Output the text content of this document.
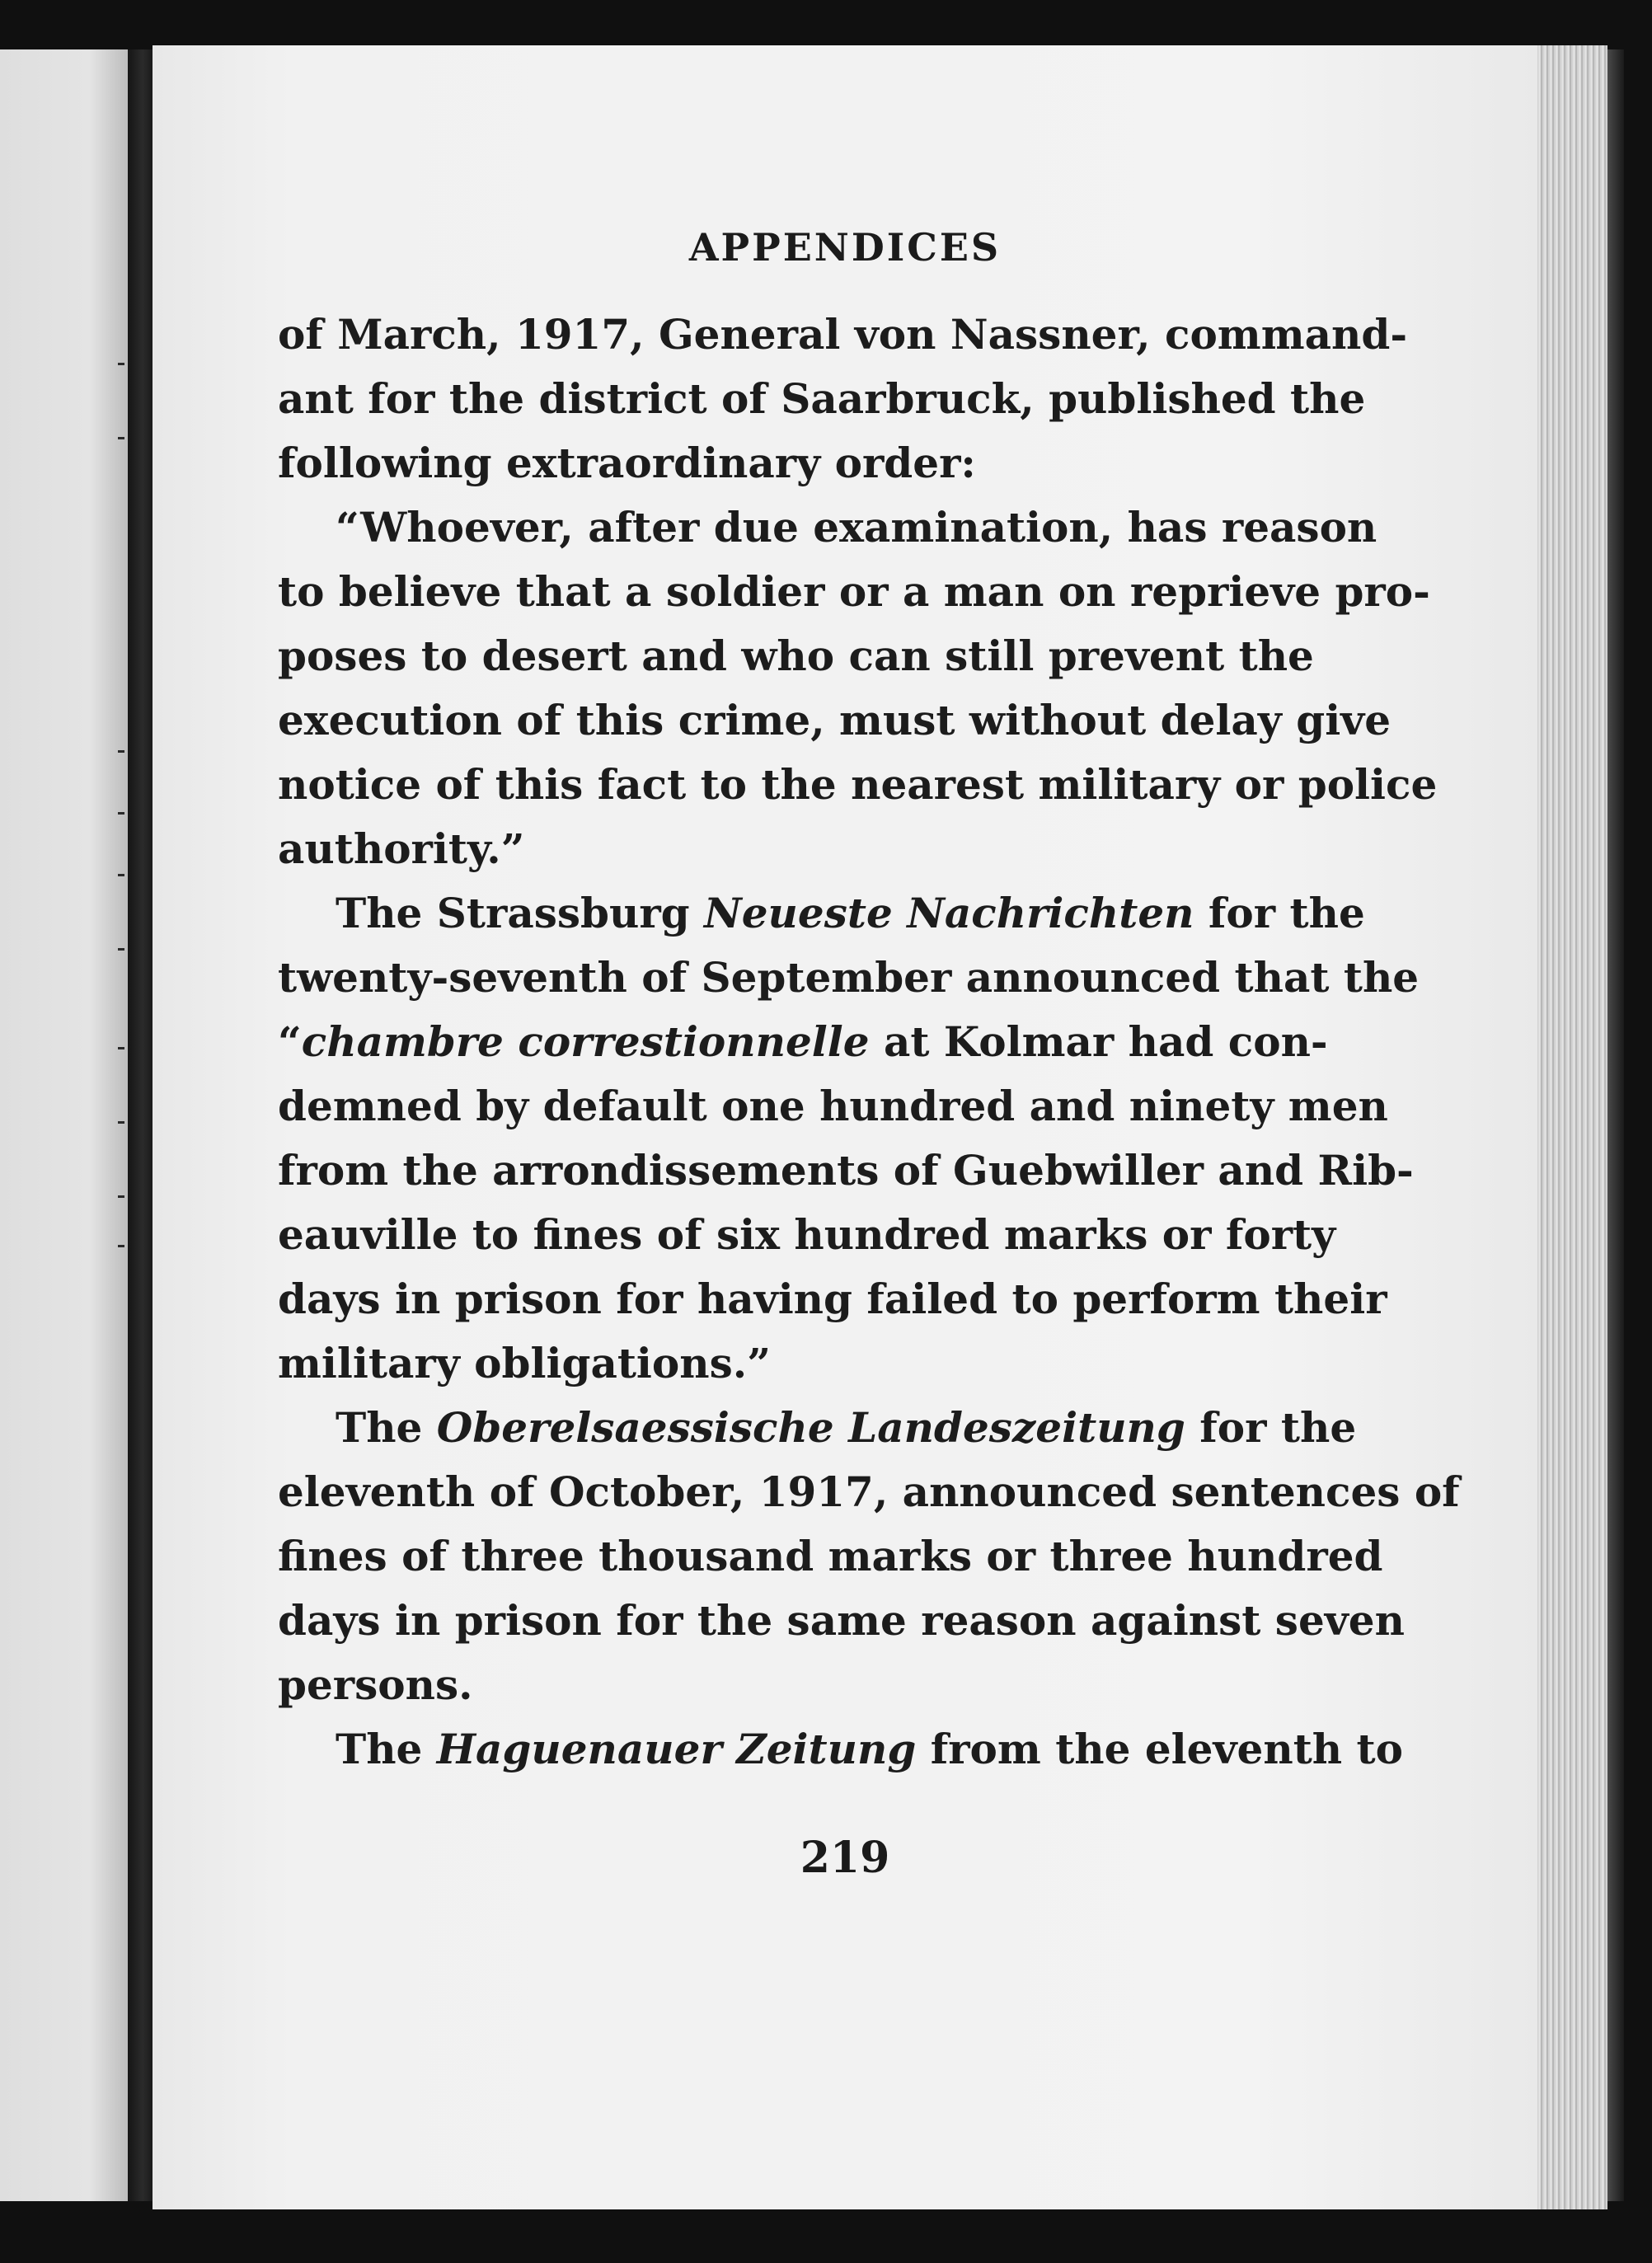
APPENDICES
of March, 1917, General von Nassner, command-
ant for the district of Saarbruck, published the
following extraordinary order:
“Whoever, after due examination, has reason
to believe that a soldier or a man on reprieve pro-
poses to desert and who can still prevent the
execution of this crime, must without delay give
notice of this fact to the nearest military or police
authority.”
The Strassburg Neueste Nachrichten for the
twenty-seventh of September announced that the
“chambre correstionnelle at Kolmar had con-
demned by default one hundred and ninety men
from the arrondissements of Guebwiller and Rib-
eauville to fines of six hundred marks or forty
days in prison for having failed to perform their
military obligations.”
The Oberelsaessische Landeszeitung for the
eleventh of October, 1917, announced sentences of
fines of three thousand marks or three hundred
days in prison for the same reason against seven
persons.
The Haguenauer Zeitung from the eleventh to

219
